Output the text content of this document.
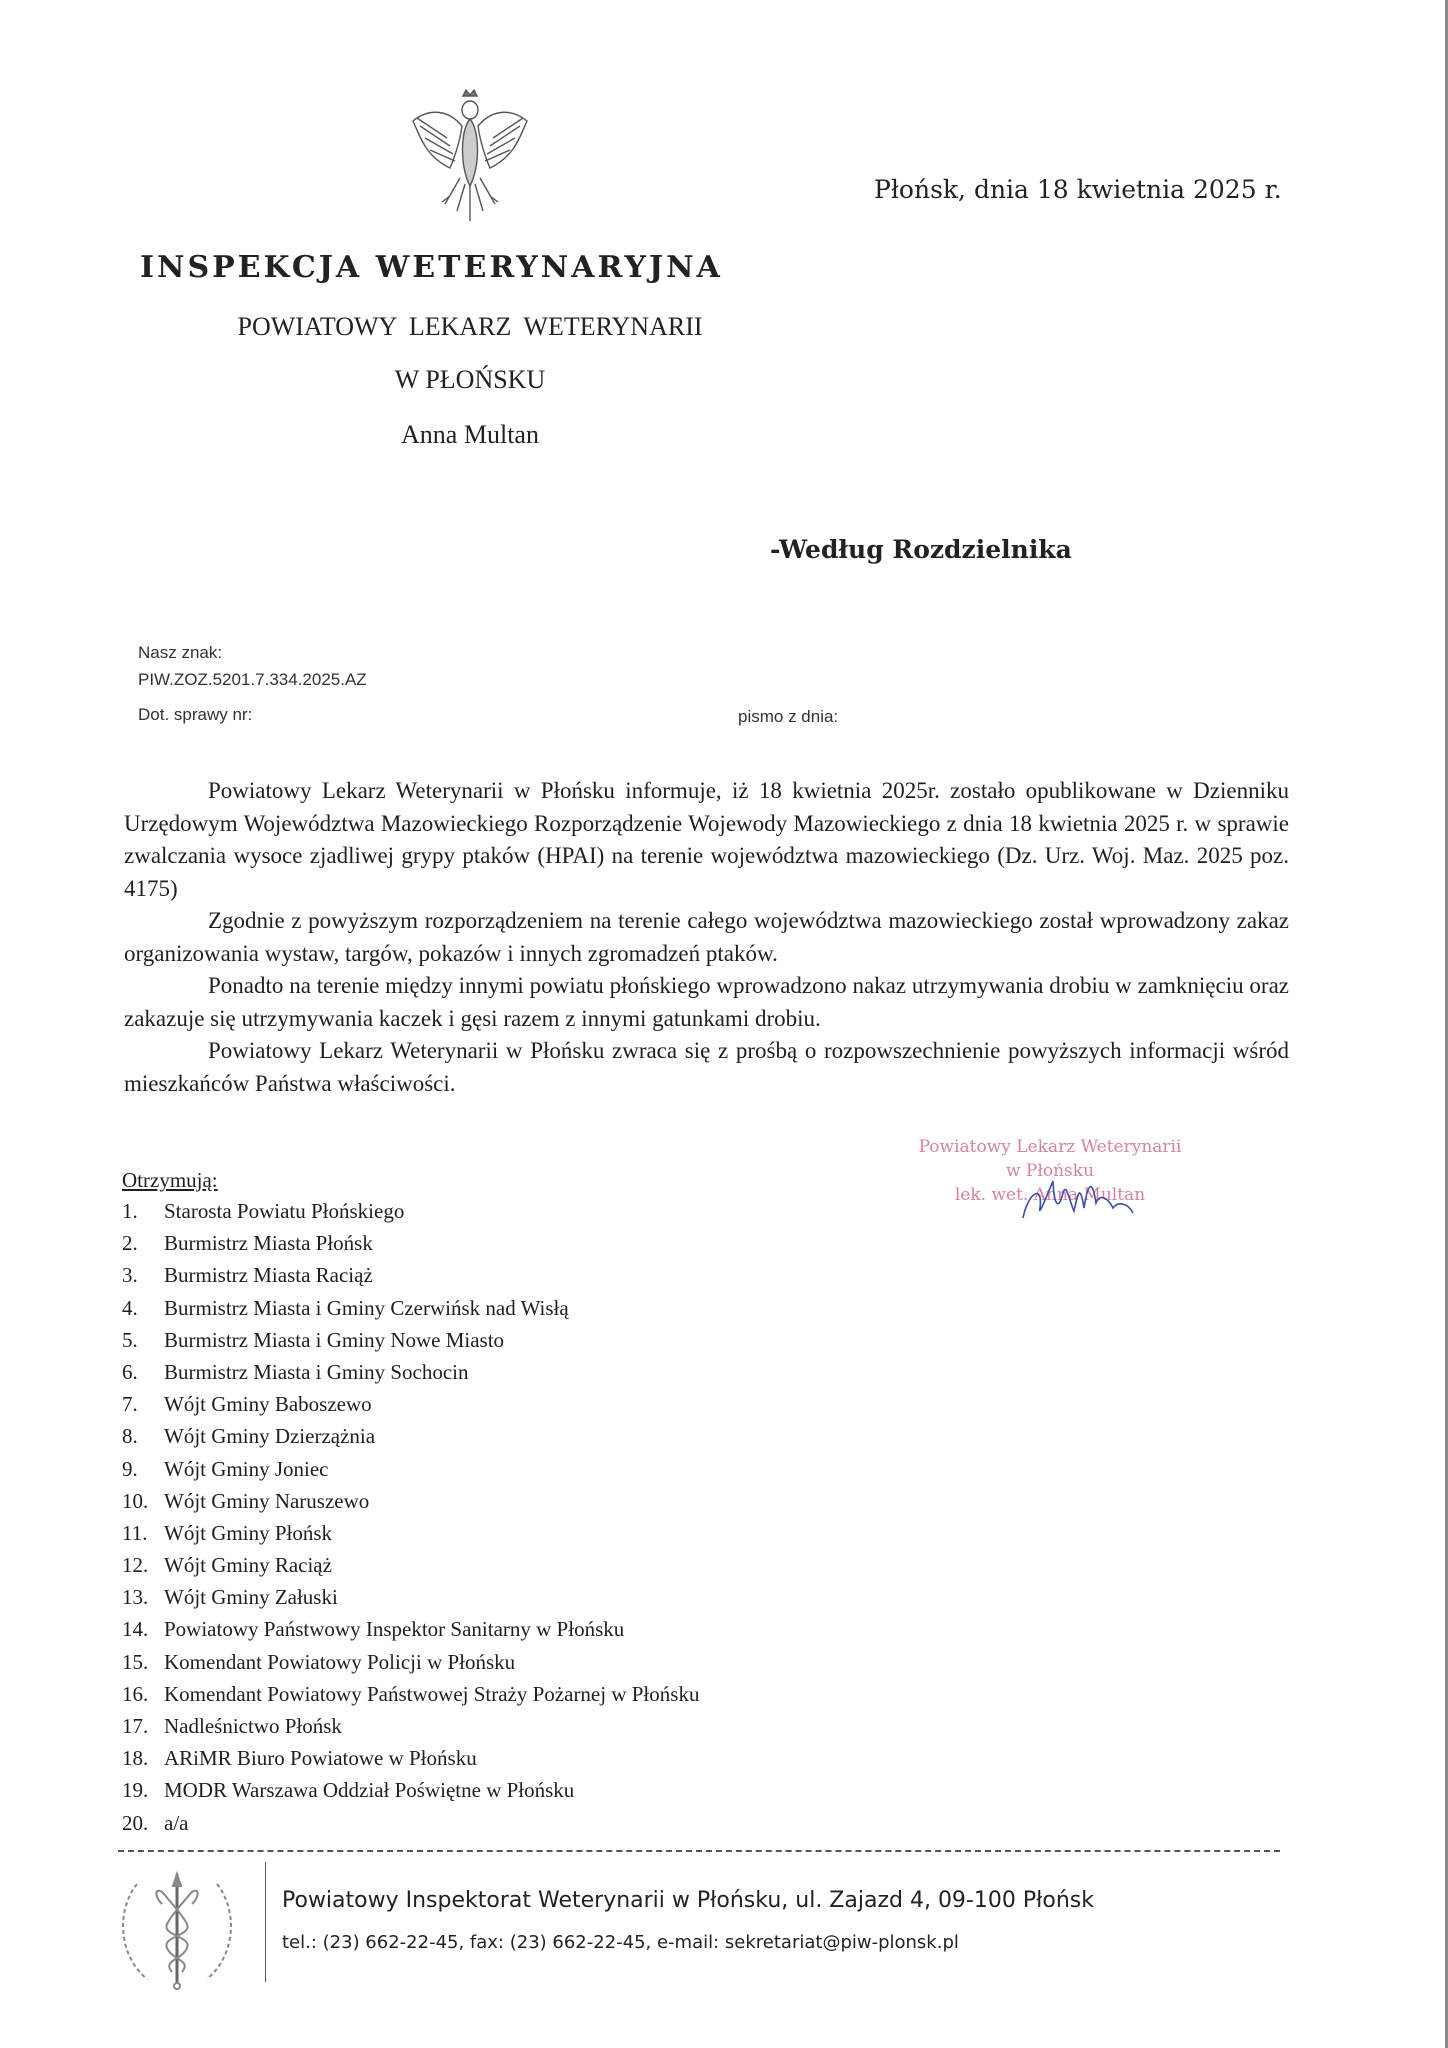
INSPEKCJA WETERYNARYJNA
POWIATOWY LEKARZ WETERYNARII
W PŁOŃSKU
Anna Multan
Płońsk, dnia 18 kwietnia 2025 r.
-Według Rozdzielnika
Nasz znak:
PIW.ZOZ.5201.7.334.2025.AZ
Dot. sprawy nr:	pismo z dnia:

Powiatowy Lekarz Weterynarii w Płońsku informuje, iż 18 kwietnia 2025r. zostało opublikowane w Dzienniku Urzędowym Województwa Mazowieckiego Rozporządzenie Wojewody Mazowieckiego z dnia 18 kwietnia 2025 r. w sprawie zwalczania wysoce zjadliwej grypy ptaków (HPAI) na terenie województwa mazowieckiego (Dz. Urz. Woj. Maz. 2025 poz. 4175)

Zgodnie z powyższym rozporządzeniem na terenie całego województwa mazowieckiego został wprowadzony zakaz organizowania wystaw, targów, pokazów i innych zgromadzeń ptaków.

Ponadto na terenie między innymi powiatu płońskiego wprowadzono nakaz utrzymywania drobiu w zamknięciu oraz zakazuje się utrzymywania kaczek i gęsi razem z innymi gatunkami drobiu.

Powiatowy Lekarz Weterynarii w Płońsku zwraca się z prośbą o rozpowszechnienie powyższych informacji wśród mieszkańców Państwa właściwości.

Powiatowy Lekarz Weterynarii
w Płońsku
lek. wet. Anna Multan
Otrzymują:
1.	Starosta Powiatu Płońskiego
2.	Burmistrz Miasta Płońsk
3.	Burmistrz Miasta Raciąż
4.	Burmistrz Miasta i Gminy Czerwińsk nad Wisłą
5.	Burmistrz Miasta i Gminy Nowe Miasto
6.	Burmistrz Miasta i Gminy Sochocin
7.	Wójt Gminy Baboszewo
8.	Wójt Gminy Dzierzążnia
9.	Wójt Gminy Joniec
10. Wójt Gminy Naruszewo
11. Wójt Gminy Płońsk
12. Wójt Gminy Raciąż
13. Wójt Gminy Załuski
14. Powiatowy Państwowy Inspektor Sanitarny w Płońsku
15. Komendant Powiatowy Policji w Płońsku
16. Komendant Powiatowy Państwowej Straży Pożarnej w Płońsku
17. Nadleśnictwo Płońsk
18. ARiMR Biuro Powiatowe w Płońsku
19. MODR Warszawa Oddział Poświętne w Płońsku
20. a/a
Powiatowy Inspektorat Weterynarii w Płońsku, ul. Zajazd 4, 09-100 Płońsk
tel.: (23) 662-22-45, fax: (23) 662-22-45, e-mail: sekretariat@piw-plonsk.pl
